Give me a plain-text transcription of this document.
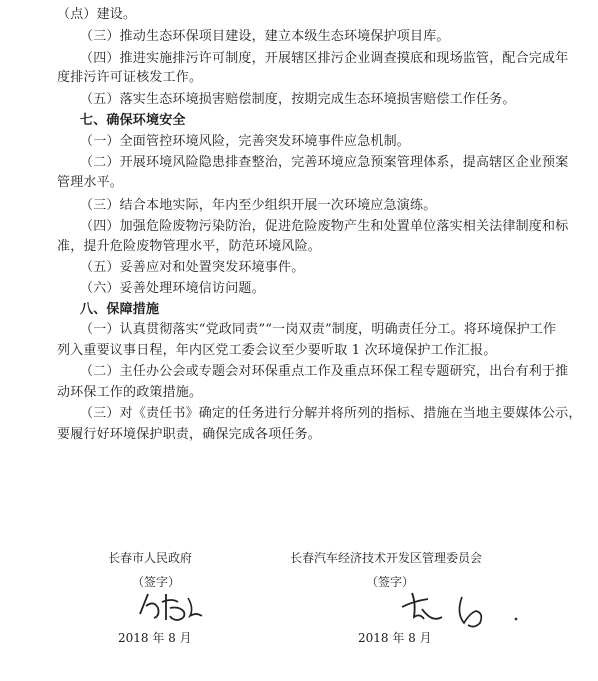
（点）建设。
（三）推动生态环保项目建设，建立本级生态环境保护项目库。
（四）推进实施排污许可制度，开展辖区排污企业调查摸底和现场监管，配合完成年
度排污许可证核发工作。
（五）落实生态环境损害赔偿制度，按期完成生态环境损害赔偿工作任务。
七、确保环境安全
（一）全面管控环境风险，完善突发环境事件应急机制。
（二）开展环境风险隐患排查整治，完善环境应急预案管理体系，提高辖区企业预案
管理水平。
（三）结合本地实际，年内至少组织开展一次环境应急演练。
（四）加强危险废物污染防治，促进危险废物产生和处置单位落实相关法律制度和标
准，提升危险废物管理水平，防范环境风险。
（五）妥善应对和处置突发环境事件。
（六）妥善处理环境信访问题。
八、保障措施
（一）认真贯彻落实“党政同责”“一岗双责”制度，明确责任分工。将环境保护工作
列入重要议事日程，年内区党工委会议至少要听取 1 次环境保护工作汇报。
（二）主任办公会或专题会对环保重点工作及重点环保工程专题研究，出台有利于推
动环保工作的政策措施。
（三）对《责任书》确定的任务进行分解并将所列的指标、措施在当地主要媒体公示，
要履行好环境保护职责，确保完成各项任务。
长春市人民政府
（签字）
2018 年 8 月
长春汽车经济技术开发区管理委员会
（签字）
2018 年 8 月
